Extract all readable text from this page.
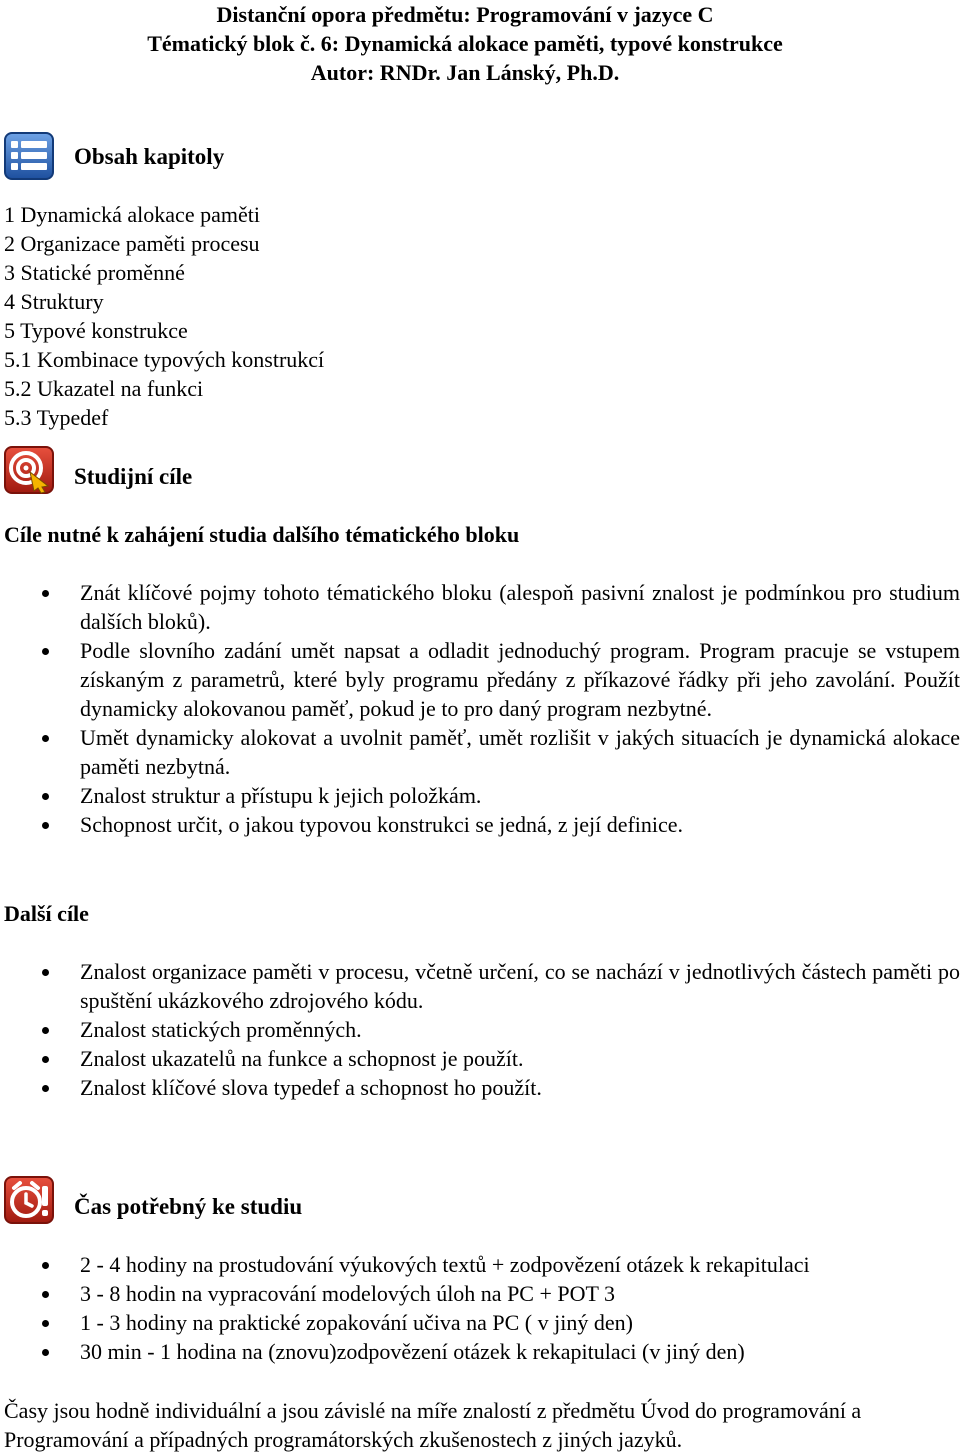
Distanční opora předmětu: Programování v jazyce C
Tématický blok č. 6: Dynamická alokace paměti, typové konstrukce
Autor: RNDr. Jan Lánský, Ph.D.
Obsah kapitoly
1 Dynamická alokace paměti
2 Organizace paměti procesu
3 Statické proměnné
4 Struktury
5 Typové konstrukce
5.1 Kombinace typových konstrukcí
5.2 Ukazatel na funkci
5.3 Typedef
Studijní cíle
Cíle nutné k zahájení studia dalšího tématického bloku
Znát klíčové pojmy tohoto tématického bloku (alespoň pasivní znalost je podmínkou pro studium dalších bloků).
Podle slovního zadání umět napsat a odladit jednoduchý program. Program pracuje se vstupem získaným z parametrů, které byly programu předány z příkazové řádky při jeho zavolání. Použít dynamicky alokovanou paměť, pokud je to pro daný program nezbytné.
Umět dynamicky alokovat a uvolnit paměť, umět rozlišit v jakých situacích je dynamická alokace paměti nezbytná.
Znalost struktur a přístupu k jejich položkám.
Schopnost určit, o jakou typovou konstrukci se jedná, z její definice.
Další cíle
Znalost organizace paměti v procesu, včetně určení, co se nachází v jednotlivých částech paměti po spuštění ukázkového zdrojového kódu.
Znalost statických proměnných.
Znalost ukazatelů na funkce a schopnost je použít.
Znalost klíčové slova typedef a schopnost ho použít.
Čas potřebný ke studiu
2 - 4 hodiny na prostudování výukových textů + zodpovězení otázek k rekapitulaci
3 - 8 hodin na vypracování modelových úloh na PC + POT 3
1 - 3 hodiny na praktické zopakování učiva na PC ( v jiný den)
30 min - 1 hodina na (znovu)zodpovězení otázek k rekapitulaci (v jiný den)
Časy jsou hodně individuální a jsou závislé na míře znalostí z předmětu Úvod do programování a Programování a případných programátorských zkušenostech z jiných jazyků.
